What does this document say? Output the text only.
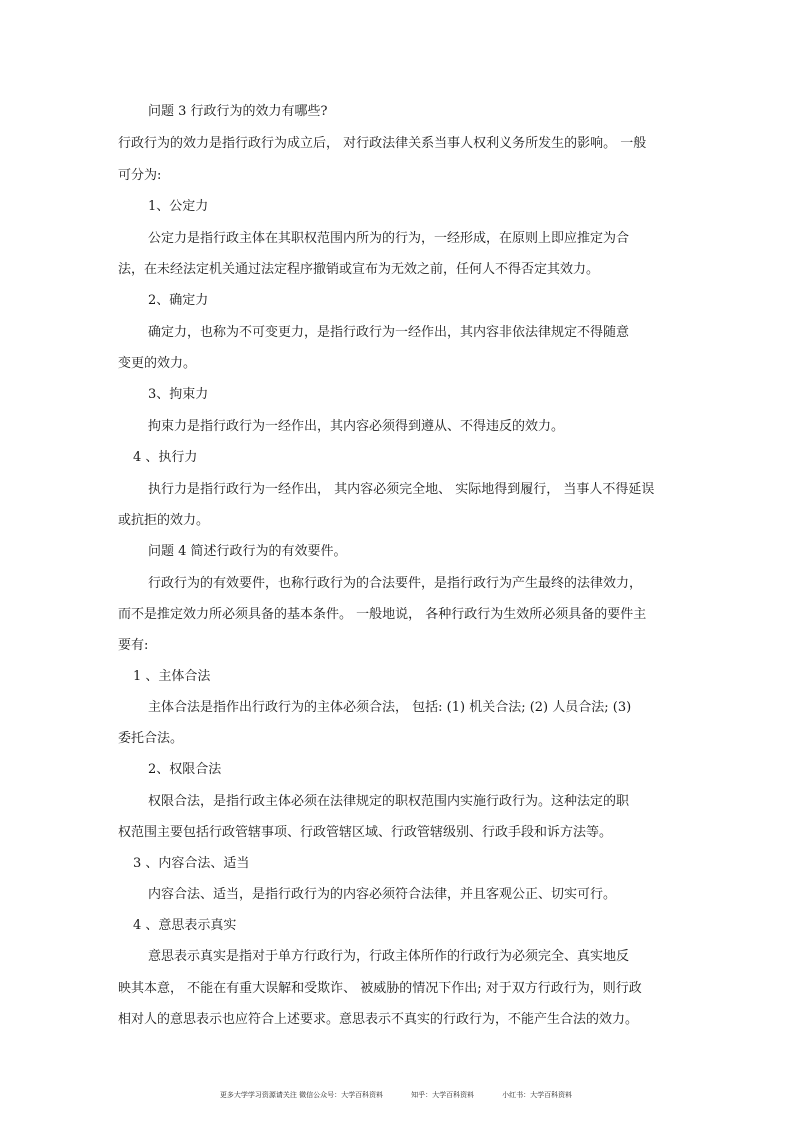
问题 3 行政行为的效力有哪些?

行政行为的效力是指行政行为成立后， 对行政法律关系当事人权利义务所发生的影响。 一般

可分为:

1、公定力

公定力是指行政主体在其职权范围内所为的行为，一经形成，在原则上即应推定为合

法，在未经法定机关通过法定程序撤销或宣布为无效之前，任何人不得否定其效力。

2、确定力

确定力，也称为不可变更力，是指行政行为一经作出，其内容非依法律规定不得随意

变更的效力。

3、拘束力

拘束力是指行政行为一经作出，其内容必须得到遵从、不得违反的效力。

4 、执行力

执行力是指行政行为一经作出， 其内容必须完全地、 实际地得到履行， 当事人不得延误

或抗拒的效力。

问题 4 简述行政行为的有效要件。

行政行为的有效要件，也称行政行为的合法要件，是指行政行为产生最终的法律效力，

而不是推定效力所必须具备的基本条件。 一般地说， 各种行政行为生效所必须具备的要件主

要有:

1 、主体合法

主体合法是指作出行政行为的主体必须合法， 包括: (1) 机关合法; (2) 人员合法; (3)

委托合法。

2、权限合法

权限合法，是指行政主体必须在法律规定的职权范围内实施行政行为。这种法定的职

权范围主要包括行政管辖事项、行政管辖区域、行政管辖级别、行政手段和诉方法等。

3 、内容合法、适当

内容合法、适当，是指行政行为的内容必须符合法律，并且客观公正、切实可行。

4 、意思表示真实

意思表示真实是指对于单方行政行为，行政主体所作的行政行为必须完全、真实地反

映其本意， 不能在有重大误解和受欺诈、 被威胁的情况下作出; 对于双方行政行为，则行政

相对人的意思表示也应符合上述要求。意思表示不真实的行政行为，不能产生合法的效力。

更多大学学习资源请关注 微信公众号：大学百科资料	知乎：大学百科资料	小红书：大学百科资料
